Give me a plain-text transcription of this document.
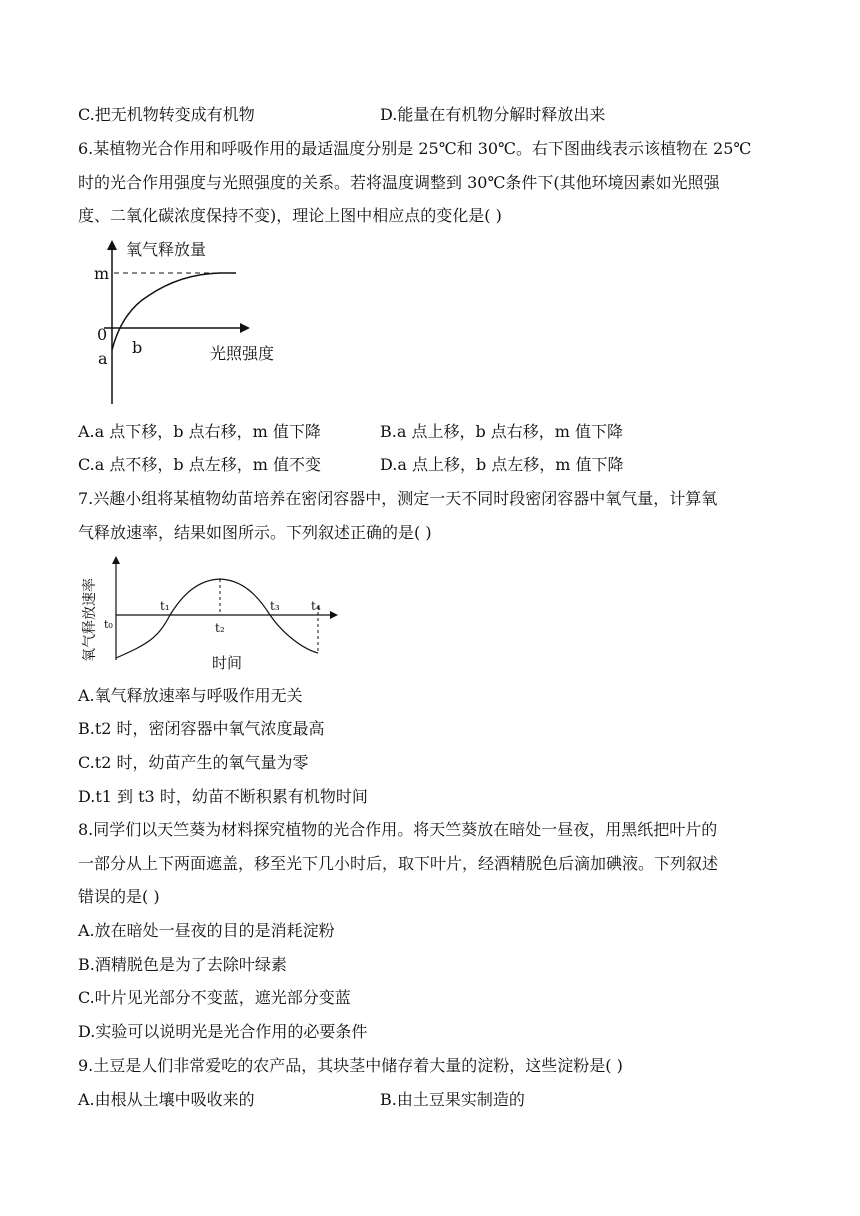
C.把无机物转变成有机物	D.能量在有机物分解时释放出来
6.某植物光合作用和呼吸作用的最适温度分别是 25℃和 30℃。右下图曲线表示该植物在 25℃
时的光合作用强度与光照强度的关系。若将温度调整到 30℃条件下(其他环境因素如光照强
度、二氧化碳浓度保持不变)，理论上图中相应点的变化是( )
氧气释放量
m
0
a
b	光照强度
A.a 点下移，b 点右移，m 值下降	B.a 点上移，b 点右移，m 值下降
C.a 点不移，b 点左移，m 值不变	D.a 点上移，b 点左移，m 值下降
7.兴趣小组将某植物幼苗培养在密闭容器中，测定一天不同时段密闭容器中氧气量，计算氧
气释放速率，结果如图所示。下列叙述正确的是( )
氧气释放速率 t₀
t₁
t₂
t₃	t₄
时间
A.氧气释放速率与呼吸作用无关
B.t2 时，密闭容器中氧气浓度最高
C.t2 时，幼苗产生的氧气量为零
D.t1 到 t3 时，幼苗不断积累有机物时间
8.同学们以天竺葵为材料探究植物的光合作用。将天竺葵放在暗处一昼夜，用黑纸把叶片的
一部分从上下两面遮盖，移至光下几小时后，取下叶片，经酒精脱色后滴加碘液。下列叙述
错误的是( )
A.放在暗处一昼夜的目的是消耗淀粉
B.酒精脱色是为了去除叶绿素
C.叶片见光部分不变蓝，遮光部分变蓝
D.实验可以说明光是光合作用的必要条件
9.土豆是人们非常爱吃的农产品，其块茎中储存着大量的淀粉，这些淀粉是( )
A.由根从土壤中吸收来的	B.由土豆果实制造的
